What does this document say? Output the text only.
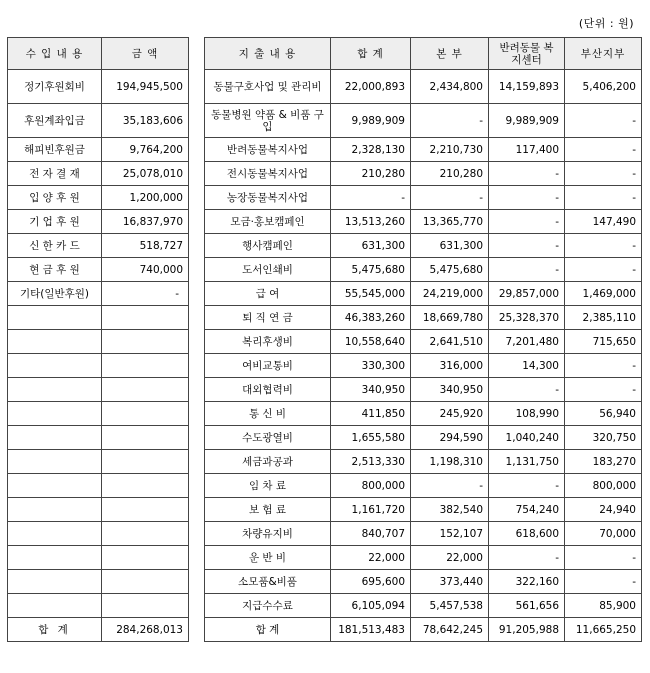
(단위 : 원)
수 입 내 용	금 액
정기후원회비	194,945,500
후원계좌입금	35,183,606
해피빈후원금	9,764,200
전 자 결 재	25,078,010
입 양 후 원	1,200,000
기 업 후 원	16,837,970
신 한 카 드	518,727
현 금 후 원	740,000
기타(일반후원)	-

합 계	284,268,013
지 출 내 용	합 계	본 부	반려동물 복지센터	부산지부
동물구호사업 및 관리비	22,000,893	2,434,800	14,159,893	5,406,200
동물병원 약품 & 비품 구입	9,989,909	-	9,989,909	-
반려동물복지사업	2,328,130	2,210,730	117,400	-
전시동물복지사업	210,280	210,280	-	-
농장동물복지사업	-	-	-	-
모금·홍보캠페인	13,513,260	13,365,770	-	147,490
행사캠페인	631,300	631,300	-	-
도서인쇄비	5,475,680	5,475,680	-	-
급 여	55,545,000	24,219,000	29,857,000	1,469,000
퇴 직 연 금	46,383,260	18,669,780	25,328,370	2,385,110
복리후생비	10,558,640	2,641,510	7,201,480	715,650
여비교통비	330,300	316,000	14,300	-
대외협력비	340,950	340,950	-	-
통 신 비	411,850	245,920	108,990	56,940
수도광열비	1,655,580	294,590	1,040,240	320,750
세금과공과	2,513,330	1,198,310	1,131,750	183,270
임 차 료	800,000	-	-	800,000
보 험 료	1,161,720	382,540	754,240	24,940
차량유지비	840,707	152,107	618,600	70,000
운 반 비	22,000	22,000	-	-
소모품&비품	695,600	373,440	322,160	-
지급수수료	6,105,094	5,457,538	561,656	85,900
합 계	181,513,483	78,642,245	91,205,988	11,665,250
